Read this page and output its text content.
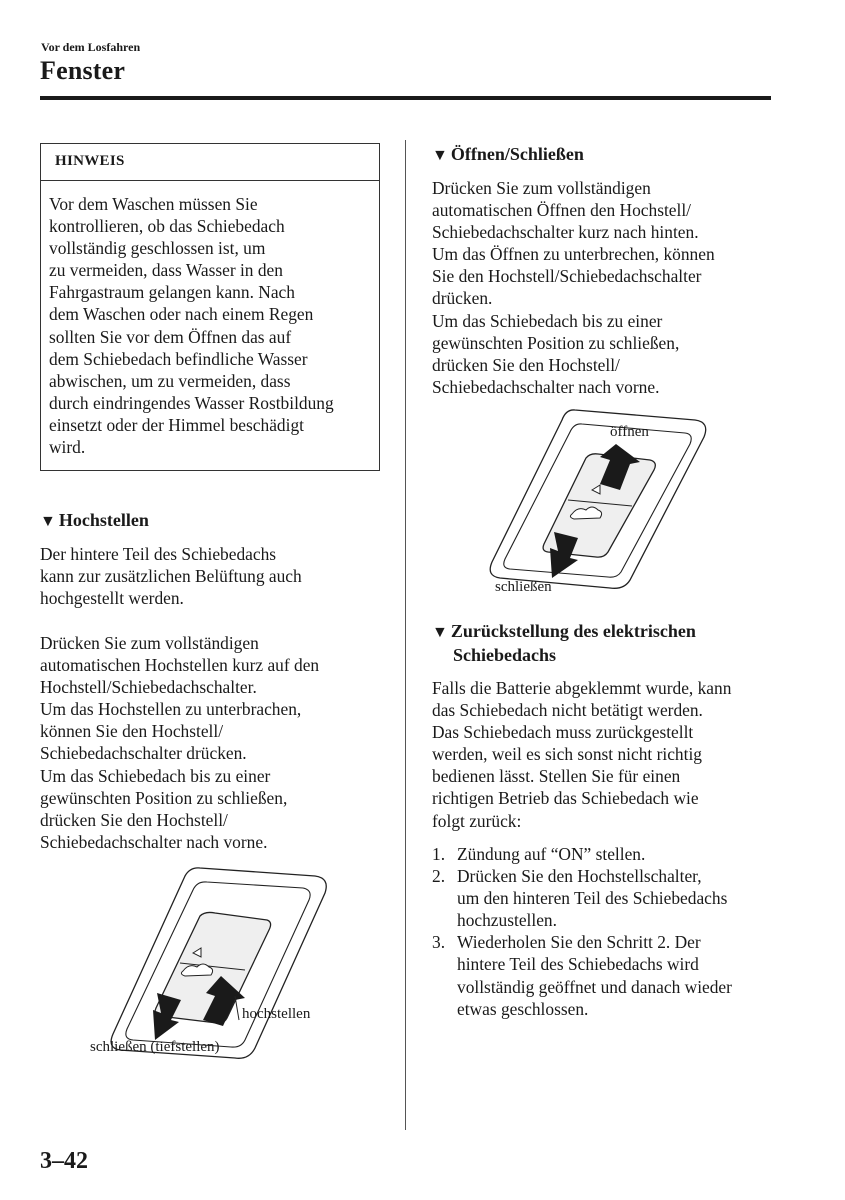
Vor dem Losfahren
Fenster
HINWEIS

Vor dem Waschen müssen Sie

kontrollieren, ob das Schiebedach

vollständig geschlossen ist, um

zu vermeiden, dass Wasser in den

Fahrgastraum gelangen kann. Nach

dem Waschen oder nach einem Regen

sollten Sie vor dem Öffnen das auf

dem Schiebedach befindliche Wasser

abwischen, um zu vermeiden, dass

durch eindringendes Wasser Rostbildung

einsetzt oder der Himmel beschädigt

wird.

▼ Hochstellen

Der hintere Teil des Schiebedachs

kann zur zusätzlichen Belüftung auch

hochgestellt werden.

Drücken Sie zum vollständigen

automatischen Hochstellen kurz auf den

Hochstell/Schiebedachschalter.

Um das Hochstellen zu unterbrachen,

können Sie den Hochstell/

Schiebedachschalter drücken.

Um das Schiebedach bis zu einer

gewünschten Position zu schließen,

drücken Sie den Hochstell/

Schiebedachschalter nach vorne.

hochstellen
schließen (tiefstellen)
▼ Öffnen/Schließen

Drücken Sie zum vollständigen

automatischen Öffnen den Hochstell/

Schiebedachschalter kurz nach hinten.

Um das Öffnen zu unterbrechen, können

Sie den Hochstell/Schiebedachschalter

drücken.

Um das Schiebedach bis zu einer

gewünschten Position zu schließen,

drücken Sie den Hochstell/

Schiebedachschalter nach vorne.

öffnen
schließen
▼ Zurückstellung des elektrischen
Schiebedachs

Falls die Batterie abgeklemmt wurde, kann

das Schiebedach nicht betätigt werden.

Das Schiebedach muss zurückgestellt

werden, weil es sich sonst nicht richtig

bedienen lässt. Stellen Sie für einen

richtigen Betrieb das Schiebedach wie

folgt zurück:

1. Zündung auf “ON” stellen.
2. Drücken Sie den Hochstellschalter,
um den hinteren Teil des Schiebedachs
hochzustellen.
3. Wiederholen Sie den Schritt 2. Der
hintere Teil des Schiebedachs wird
vollständig geöffnet und danach wieder
etwas geschlossen.
3–42
